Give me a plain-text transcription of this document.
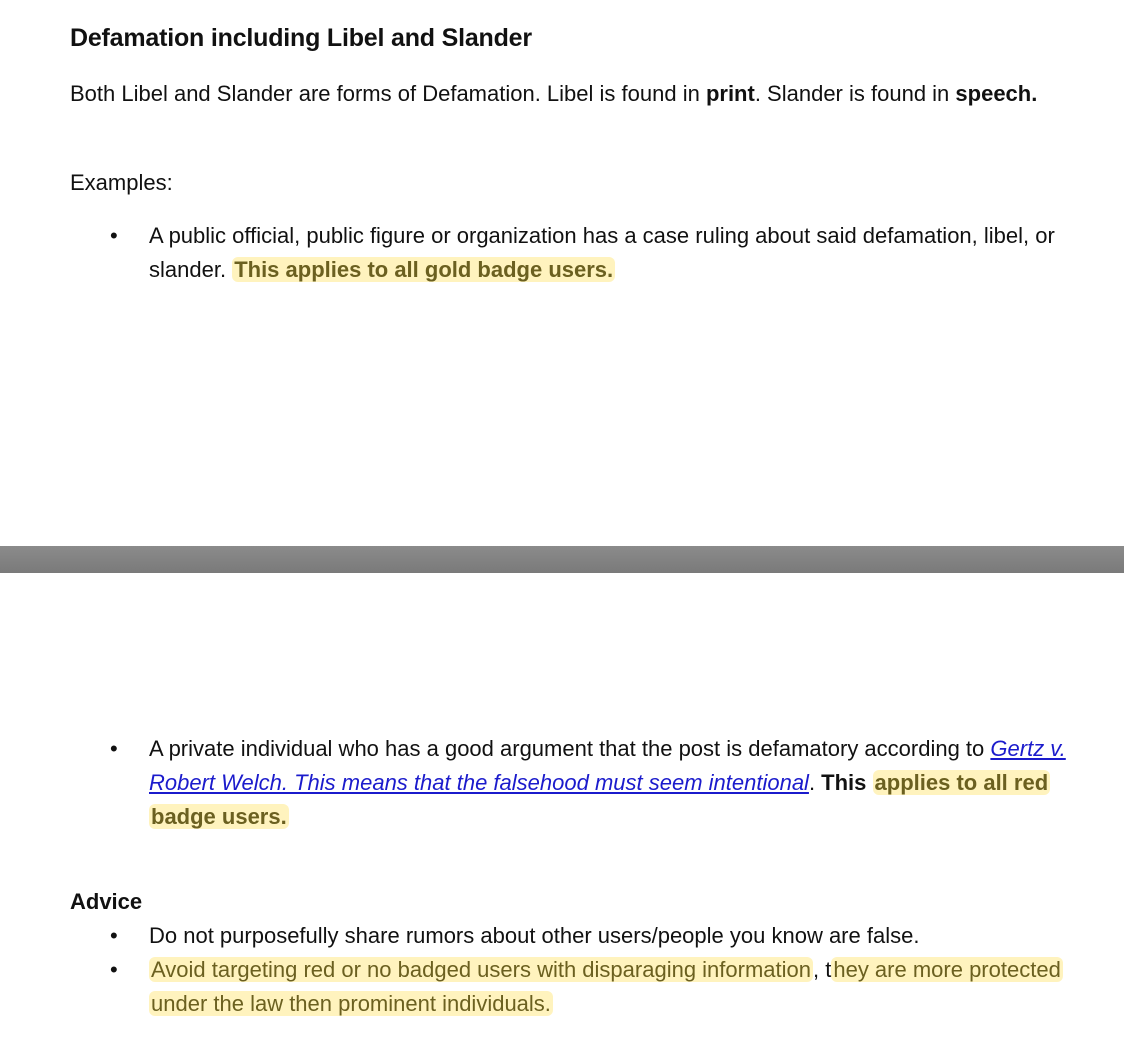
Defamation including Libel and Slander

Both Libel and Slander are forms of Defamation. Libel is found in print. Slander is found in speech.

Examples:

• A public official, public figure or organization has a case ruling about said defamation, libel, or slander. This applies to all gold badge users.
• A private individual who has a good argument that the post is defamatory according to Gertz v. Robert Welch. This means that the falsehood must seem intentional. This applies to all red badge users.
Advice
• Do not purposefully share rumors about other users/people you know are false.
• Avoid targeting red or no badged users with disparaging information, they are more protected under the law then prominent individuals.
